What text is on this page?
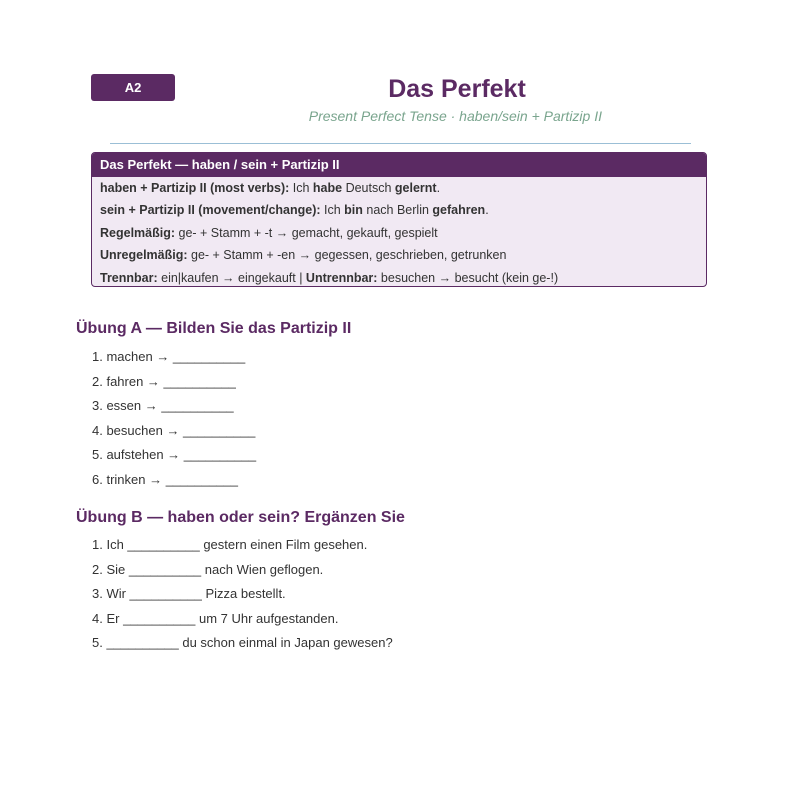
A2	Das Perfekt
Present Perfect Tense · haben/sein + Partizip II
Das Perfekt — haben / sein + Partizip II
haben + Partizip II (most verbs): Ich habe Deutsch gelernt.
sein + Partizip II (movement/change): Ich bin nach Berlin gefahren.
Regelmäßig: ge- + Stamm + -t → gemacht, gekauft, gespielt
Unregelmäßig: ge- + Stamm + -en → gegessen, geschrieben, getrunken
Trennbar: ein|kaufen → eingekauft | Untrennbar: besuchen → besucht (kein ge-!)
Übung A — Bilden Sie das Partizip II
1. machen → __________
2. fahren → __________
3. essen → __________
4. besuchen → __________
5. aufstehen → __________
6. trinken → __________
Übung B — haben oder sein? Ergänzen Sie
1. Ich __________ gestern einen Film gesehen.
2. Sie __________ nach Wien geflogen.
3. Wir __________ Pizza bestellt.
4. Er __________ um 7 Uhr aufgestanden.
5. __________ du schon einmal in Japan gewesen?
